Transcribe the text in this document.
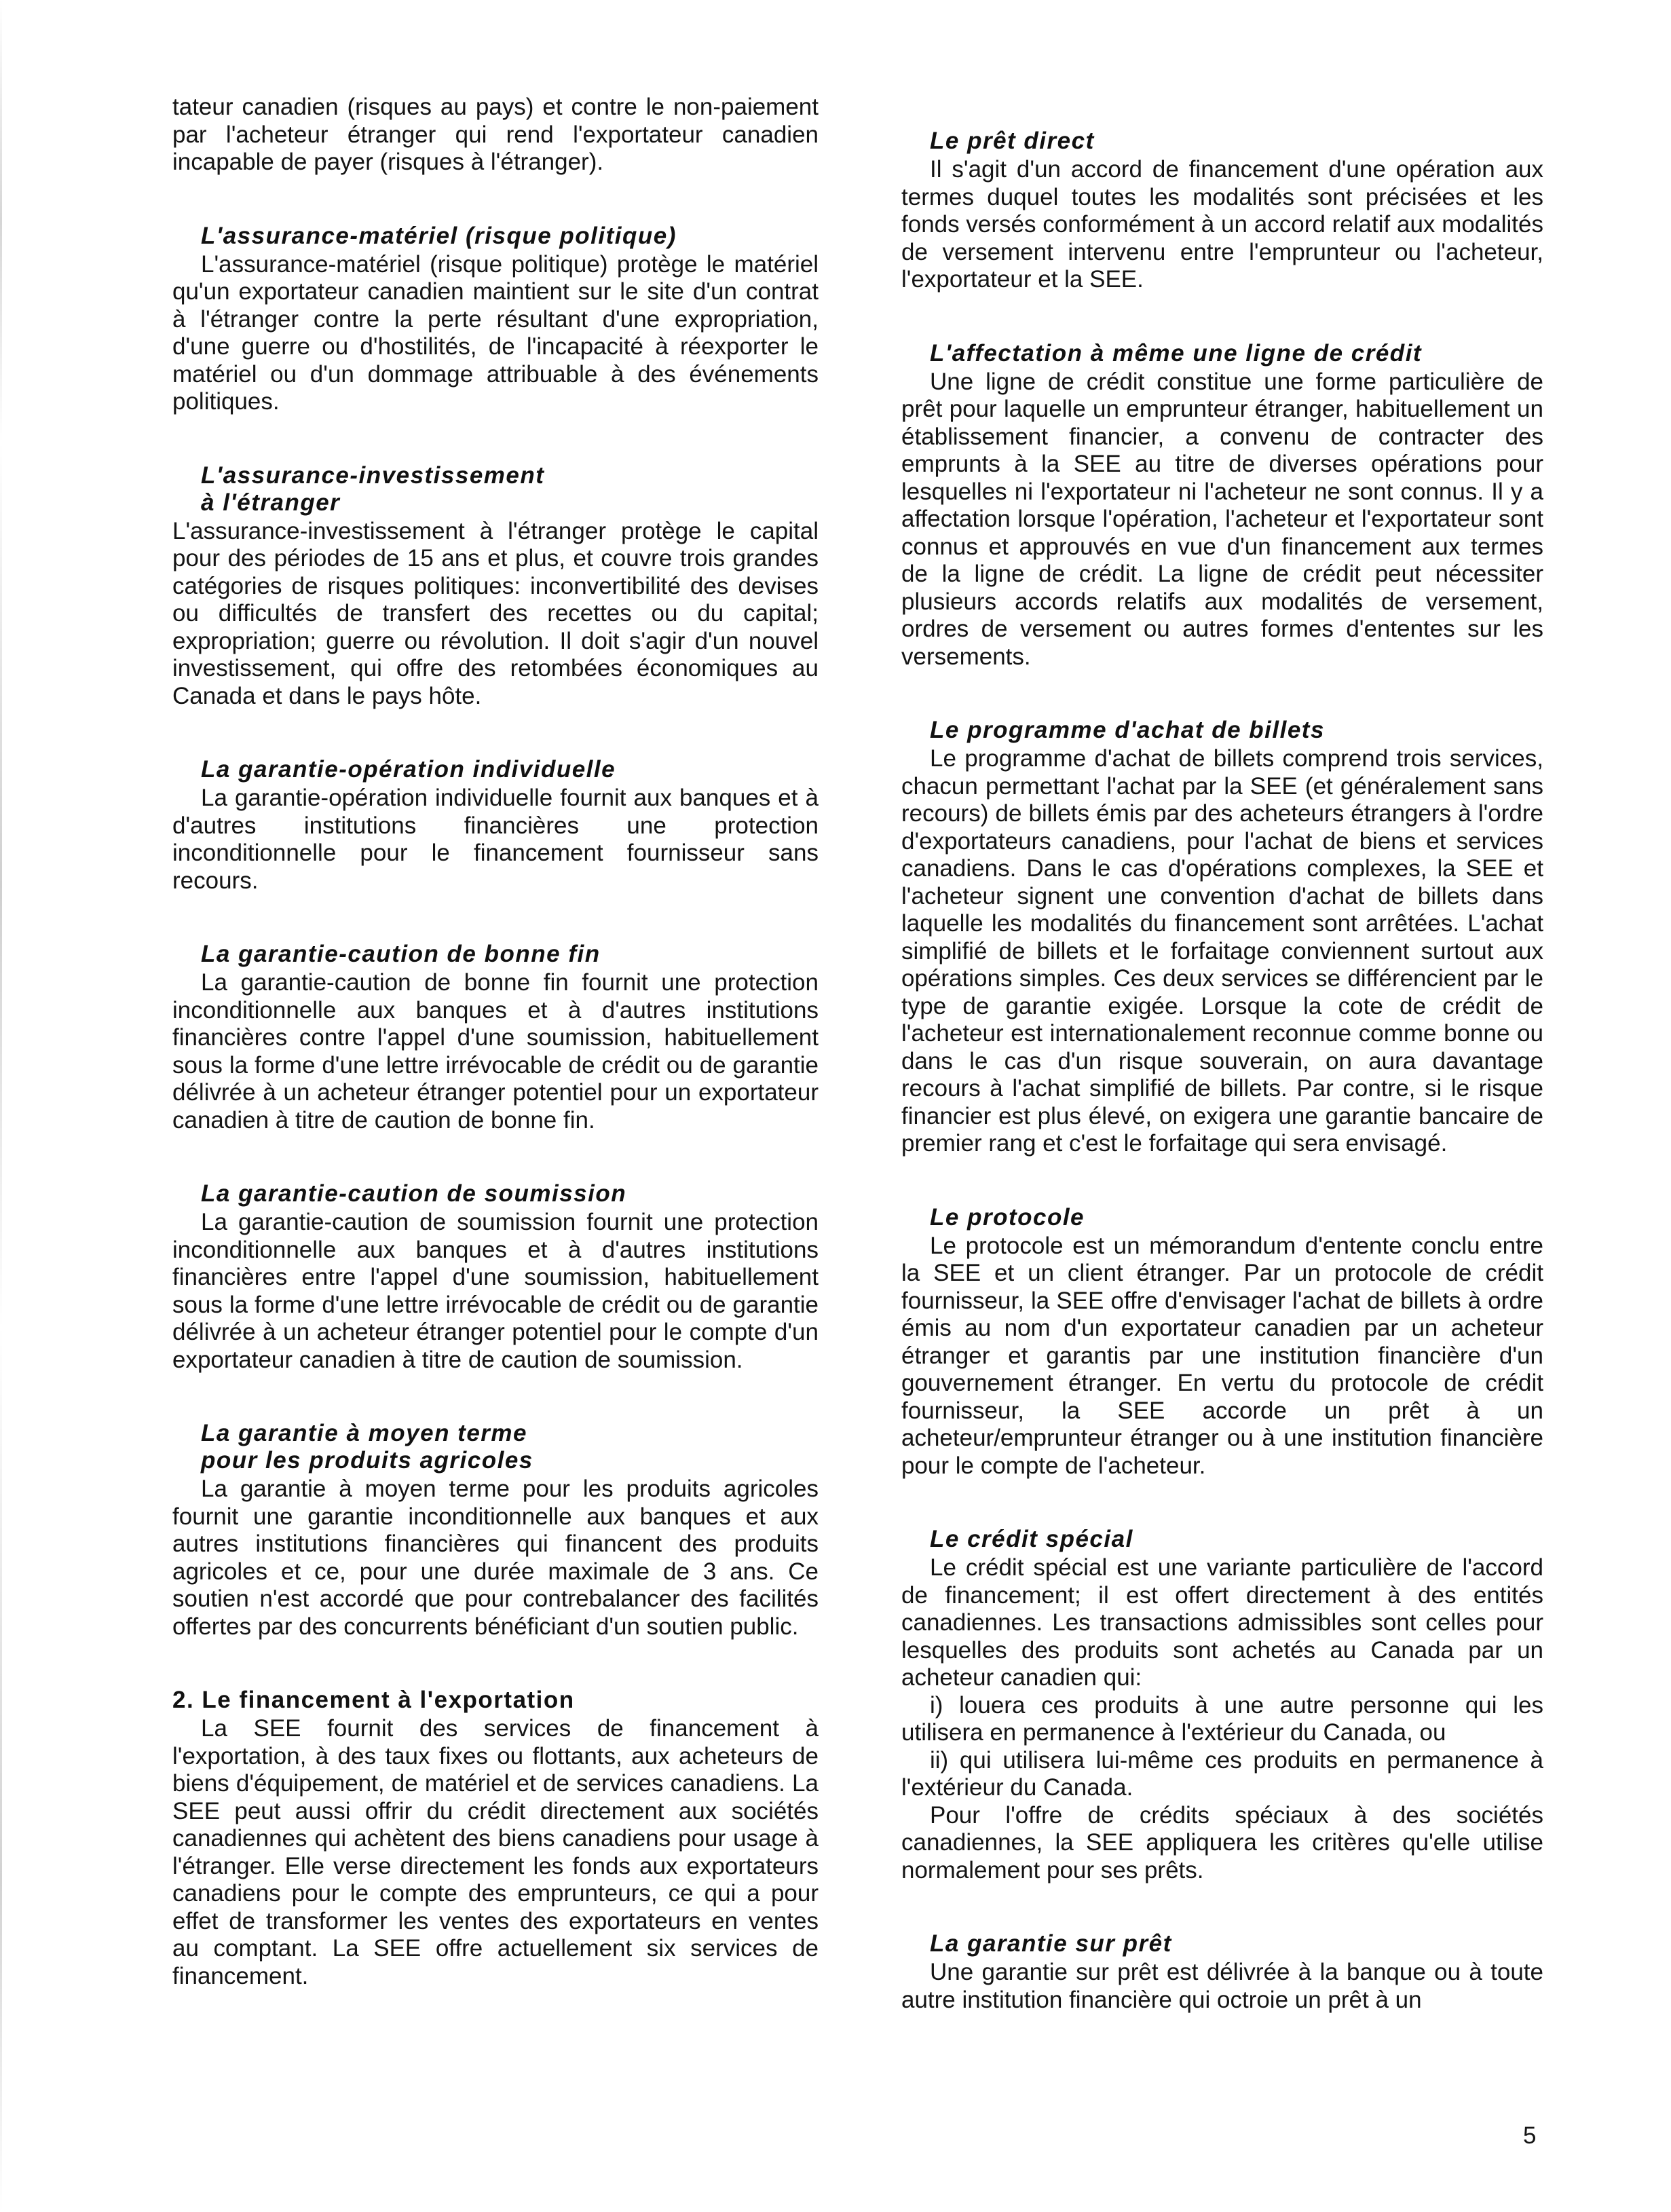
tateur canadien (risques au pays) et contre le non-paiement par l'acheteur étranger qui rend l'exportateur canadien incapable de payer (risques à l'étranger).

L'assurance-matériel (risque politique)

L'assurance-matériel (risque politique) protège le matériel qu'un exportateur canadien maintient sur le site d'un contrat à l'étranger contre la perte résultant d'une expropriation, d'une guerre ou d'hostilités, de l'incapacité à réexporter le matériel ou d'un dommage attribuable à des événements politiques.

L'assurance-investissement
à l'étranger

L'assurance-investissement à l'étranger protège le capital pour des périodes de 15 ans et plus, et couvre trois grandes catégories de risques politiques: inconvertibilité des devises ou difficultés de transfert des recettes ou du capital; expropriation; guerre ou révolution. Il doit s'agir d'un nouvel investissement, qui offre des retombées économiques au Canada et dans le pays hôte.

La garantie-opération individuelle

La garantie-opération individuelle fournit aux banques et à d'autres institutions financières une protection inconditionnelle pour le financement fournisseur sans recours.

La garantie-caution de bonne fin

La garantie-caution de bonne fin fournit une protection inconditionnelle aux banques et à d'autres institutions financières contre l'appel d'une soumission, habituellement sous la forme d'une lettre irrévocable de crédit ou de garantie délivrée à un acheteur étranger potentiel pour un exportateur canadien à titre de caution de bonne fin.

La garantie-caution de soumission

La garantie-caution de soumission fournit une protection inconditionnelle aux banques et à d'autres institutions financières entre l'appel d'une soumission, habituellement sous la forme d'une lettre irrévocable de crédit ou de garantie délivrée à un acheteur étranger potentiel pour le compte d'un exportateur canadien à titre de caution de soumission.

La garantie à moyen terme
pour les produits agricoles

La garantie à moyen terme pour les produits agricoles fournit une garantie inconditionnelle aux banques et aux autres institutions financières qui financent des produits agricoles et ce, pour une durée maximale de 3 ans. Ce soutien n'est accordé que pour contrebalancer des facilités offertes par des concurrents bénéficiant d'un soutien public.

2. Le financement à l'exportation

La SEE fournit des services de financement à l'exportation, à des taux fixes ou flottants, aux acheteurs de biens d'équipement, de matériel et de services canadiens. La SEE peut aussi offrir du crédit directement aux sociétés canadiennes qui achètent des biens canadiens pour usage à l'étranger. Elle verse directement les fonds aux exportateurs canadiens pour le compte des emprunteurs, ce qui a pour effet de transformer les ventes des exportateurs en ventes au comptant. La SEE offre actuellement six services de financement.

Le prêt direct

Il s'agit d'un accord de financement d'une opération aux termes duquel toutes les modalités sont précisées et les fonds versés conformément à un accord relatif aux modalités de versement intervenu entre l'emprunteur ou l'acheteur, l'exportateur et la SEE.

L'affectation à même une ligne de crédit

Une ligne de crédit constitue une forme particulière de prêt pour laquelle un emprunteur étranger, habituellement un établissement financier, a convenu de contracter des emprunts à la SEE au titre de diverses opérations pour lesquelles ni l'exportateur ni l'acheteur ne sont connus. Il y a affectation lorsque l'opération, l'acheteur et l'exportateur sont connus et approuvés en vue d'un financement aux termes de la ligne de crédit. La ligne de crédit peut nécessiter plusieurs accords relatifs aux modalités de versement, ordres de versement ou autres formes d'ententes sur les versements.

Le programme d'achat de billets

Le programme d'achat de billets comprend trois services, chacun permettant l'achat par la SEE (et généralement sans recours) de billets émis par des acheteurs étrangers à l'ordre d'exportateurs canadiens, pour l'achat de biens et services canadiens. Dans le cas d'opérations complexes, la SEE et l'acheteur signent une convention d'achat de billets dans laquelle les modalités du financement sont arrêtées. L'achat simplifié de billets et le forfaitage conviennent surtout aux opérations simples. Ces deux services se différencient par le type de garantie exigée. Lorsque la cote de crédit de l'acheteur est internationalement reconnue comme bonne ou dans le cas d'un risque souverain, on aura davantage recours à l'achat simplifié de billets. Par contre, si le risque financier est plus élevé, on exigera une garantie bancaire de premier rang et c'est le forfaitage qui sera envisagé.

Le protocole

Le protocole est un mémorandum d'entente conclu entre la SEE et un client étranger. Par un protocole de crédit fournisseur, la SEE offre d'envisager l'achat de billets à ordre émis au nom d'un exportateur canadien par un acheteur étranger et garantis par une institution financière d'un gouvernement étranger. En vertu du protocole de crédit fournisseur, la SEE accorde un prêt à un acheteur/emprunteur étranger ou à une institution financière pour le compte de l'acheteur.

Le crédit spécial

Le crédit spécial est une variante particulière de l'accord de financement; il est offert directement à des entités canadiennes. Les transactions admissibles sont celles pour lesquelles des produits sont achetés au Canada par un acheteur canadien qui:

i) louera ces produits à une autre personne qui les utilisera en permanence à l'extérieur du Canada, ou

ii) qui utilisera lui-même ces produits en permanence à l'extérieur du Canada.

Pour l'offre de crédits spéciaux à des sociétés canadiennes, la SEE appliquera les critères qu'elle utilise normalement pour ses prêts.

La garantie sur prêt

Une garantie sur prêt est délivrée à la banque ou à toute autre institution financière qui octroie un prêt à un

5
